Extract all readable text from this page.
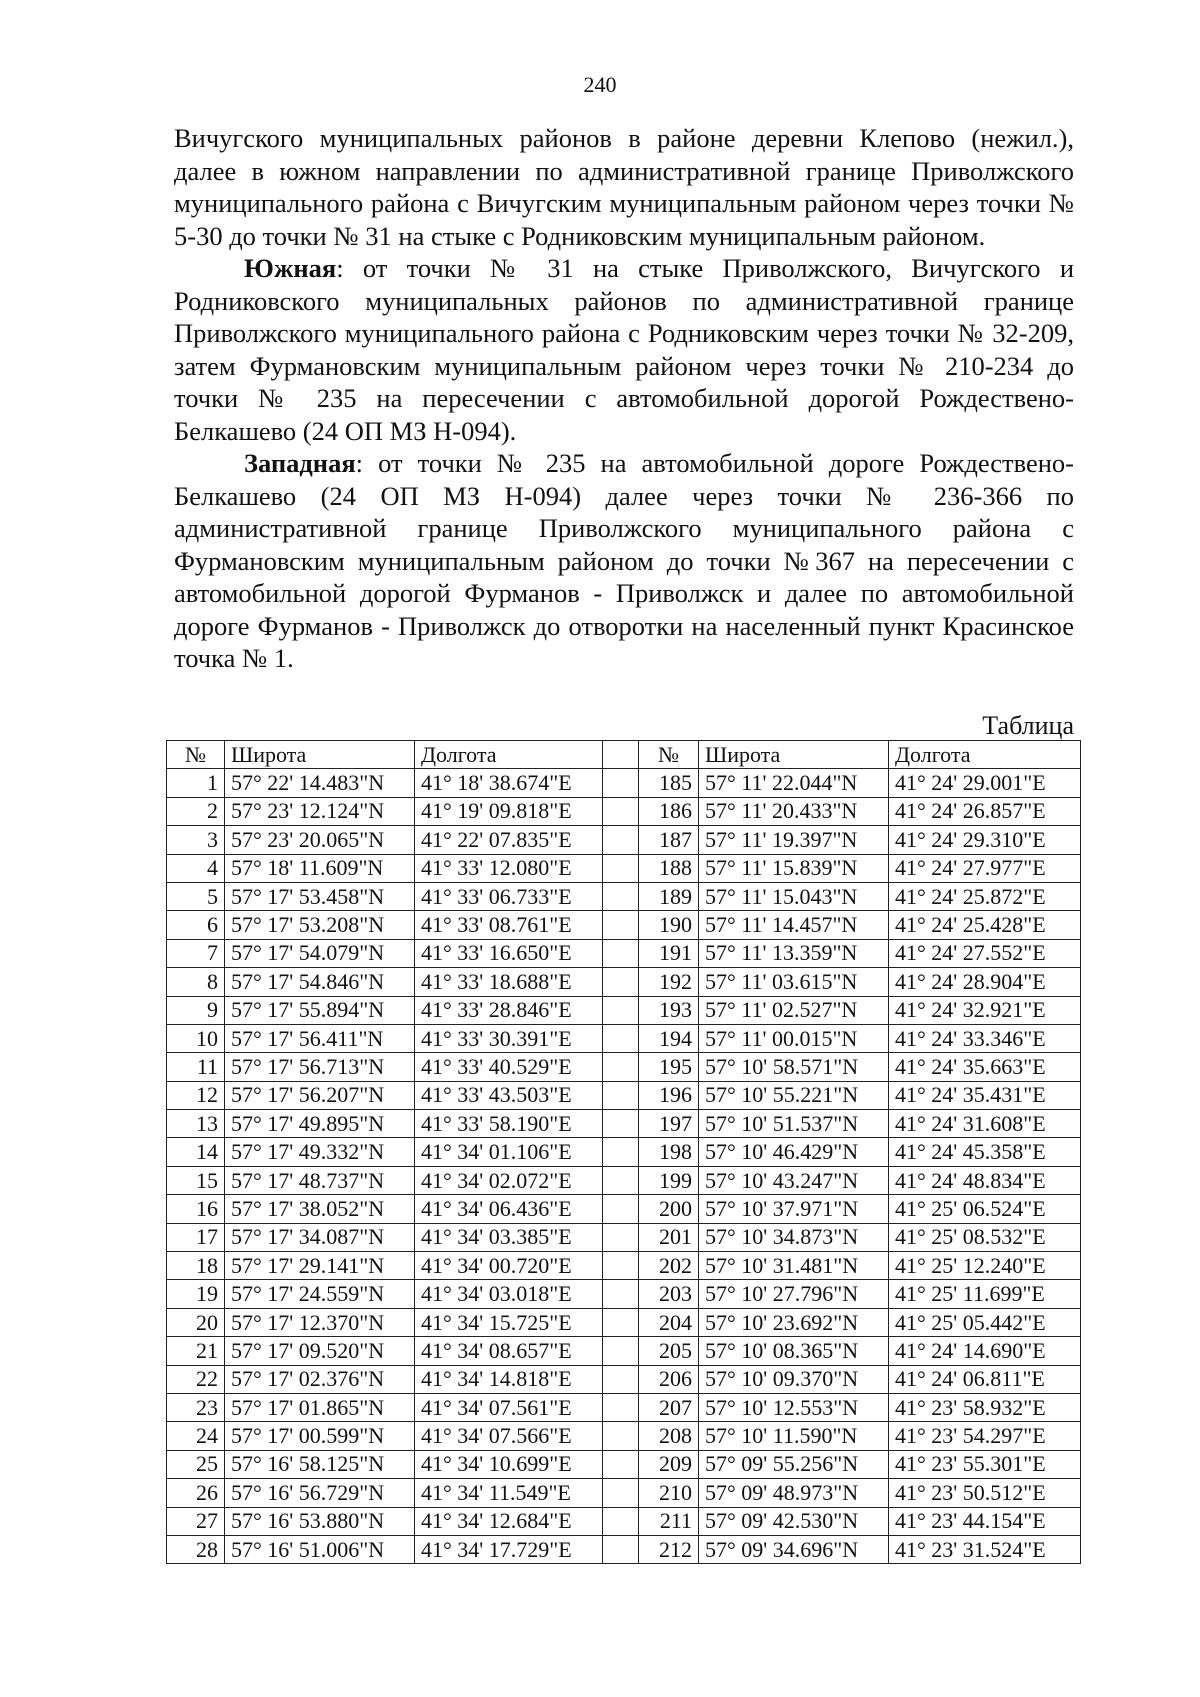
240

Вичугского муниципальных районов в районе деревни Клепово (нежил.), далее в южном направлении по административной границе Приволжского муниципального района с Вичугским муниципальным районом через точки № 5-30 до точки № 31 на стыке с Родниковским муниципальным районом.

Южная: от точки № 31 на стыке Приволжского, Вичугского и Родниковского муниципальных районов по административной границе Приволжского муниципального района с Родниковским через точки № 32-209, затем Фурмановским муниципальным районом через точки № 210-234 до точки № 235 на пересечении с автомобильной дорогой Рождествено-Белкашево (24 ОП МЗ Н-094).

Западная: от точки № 235 на автомобильной дороге Рождествено-Белкашево (24 ОП МЗ Н-094) далее через точки № 236-366 по административной границе Приволжского муниципального района с Фурмановским муниципальным районом до точки №367 на пересечении с автомобильной дорогой Фурманов - Приволжск и далее по автомобильной дороге Фурманов - Приволжск до отворотки на населенный пункт Красинское точка № 1.

Таблица
№	Широта	Долгота		№	Широта	Долгота
1	57° 22' 14.483"N	41° 18' 38.674"E		185	57° 11' 22.044"N	41° 24' 29.001"E
2	57° 23' 12.124"N	41° 19' 09.818"E		186	57° 11' 20.433"N	41° 24' 26.857"E
3	57° 23' 20.065"N	41° 22' 07.835"E		187	57° 11' 19.397"N	41° 24' 29.310"E
4	57° 18' 11.609"N	41° 33' 12.080"E		188	57° 11' 15.839"N	41° 24' 27.977"E
5	57° 17' 53.458"N	41° 33' 06.733"E		189	57° 11' 15.043"N	41° 24' 25.872"E
6	57° 17' 53.208"N	41° 33' 08.761"E		190	57° 11' 14.457"N	41° 24' 25.428"E
7	57° 17' 54.079"N	41° 33' 16.650"E		191	57° 11' 13.359"N	41° 24' 27.552"E
8	57° 17' 54.846"N	41° 33' 18.688"E		192	57° 11' 03.615"N	41° 24' 28.904"E
9	57° 17' 55.894"N	41° 33' 28.846"E		193	57° 11' 02.527"N	41° 24' 32.921"E
10	57° 17' 56.411"N	41° 33' 30.391"E		194	57° 11' 00.015"N	41° 24' 33.346"E
11	57° 17' 56.713"N	41° 33' 40.529"E		195	57° 10' 58.571"N	41° 24' 35.663"E
12	57° 17' 56.207"N	41° 33' 43.503"E		196	57° 10' 55.221"N	41° 24' 35.431"E
13	57° 17' 49.895"N	41° 33' 58.190"E		197	57° 10' 51.537"N	41° 24' 31.608"E
14	57° 17' 49.332"N	41° 34' 01.106"E		198	57° 10' 46.429"N	41° 24' 45.358"E
15	57° 17' 48.737"N	41° 34' 02.072"E		199	57° 10' 43.247"N	41° 24' 48.834"E
16	57° 17' 38.052"N	41° 34' 06.436"E		200	57° 10' 37.971"N	41° 25' 06.524"E
17	57° 17' 34.087"N	41° 34' 03.385"E		201	57° 10' 34.873"N	41° 25' 08.532"E
18	57° 17' 29.141"N	41° 34' 00.720"E		202	57° 10' 31.481"N	41° 25' 12.240"E
19	57° 17' 24.559"N	41° 34' 03.018"E		203	57° 10' 27.796"N	41° 25' 11.699"E
20	57° 17' 12.370"N	41° 34' 15.725"E		204	57° 10' 23.692"N	41° 25' 05.442"E
21	57° 17' 09.520"N	41° 34' 08.657"E		205	57° 10' 08.365"N	41° 24' 14.690"E
22	57° 17' 02.376"N	41° 34' 14.818"E		206	57° 10' 09.370"N	41° 24' 06.811"E
23	57° 17' 01.865"N	41° 34' 07.561"E		207	57° 10' 12.553"N	41° 23' 58.932"E
24	57° 17' 00.599"N	41° 34' 07.566"E		208	57° 10' 11.590"N	41° 23' 54.297"E
25	57° 16' 58.125"N	41° 34' 10.699"E		209	57° 09' 55.256"N	41° 23' 55.301"E
26	57° 16' 56.729"N	41° 34' 11.549"E		210	57° 09' 48.973"N	41° 23' 50.512"E
27	57° 16' 53.880"N	41° 34' 12.684"E		211	57° 09' 42.530"N	41° 23' 44.154"E
28	57° 16' 51.006"N	41° 34' 17.729"E		212	57° 09' 34.696"N	41° 23' 31.524"E
